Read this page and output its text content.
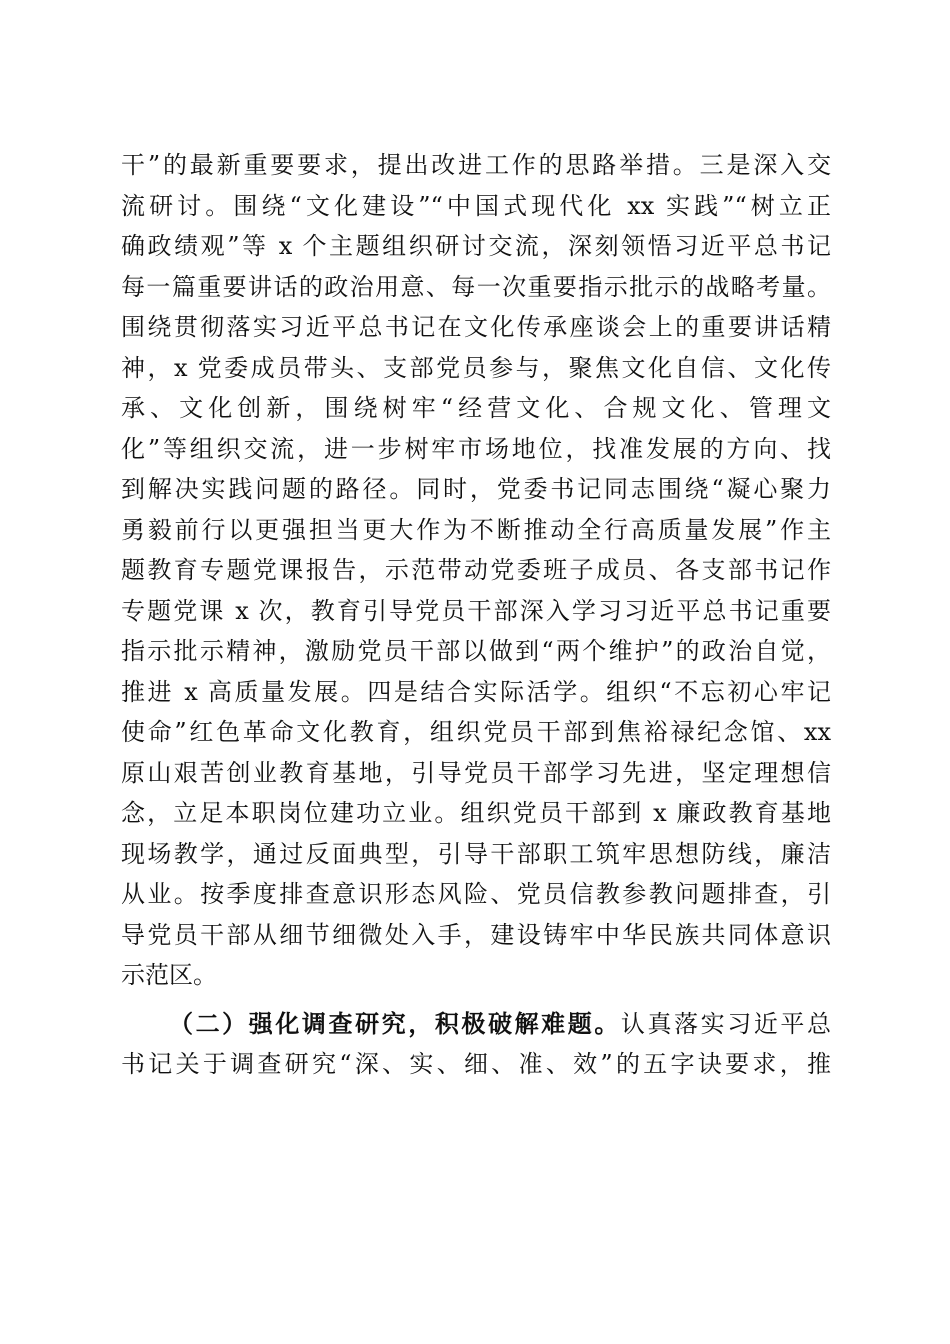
干”的最新重要要求，提出改进工作的思路举措。三是深入交
流研讨。围绕“文化建设”“中国式现代化 xx 实践”“树立正
确政绩观”等 x 个主题组织研讨交流，深刻领悟习近平总书记
每一篇重要讲话的政治用意、每一次重要指示批示的战略考量。
围绕贯彻落实习近平总书记在文化传承座谈会上的重要讲话精
神，x 党委成员带头、支部党员参与，聚焦文化自信、文化传
承、文化创新，围绕树牢“经营文化、合规文化、管理文
化”等组织交流，进一步树牢市场地位，找准发展的方向、找
到解决实践问题的路径。同时，党委书记同志围绕“凝心聚力
勇毅前行以更强担当更大作为不断推动全行高质量发展”作主
题教育专题党课报告，示范带动党委班子成员、各支部书记作
专题党课 x 次，教育引导党员干部深入学习习近平总书记重要
指示批示精神，激励党员干部以做到“两个维护”的政治自觉，
推进 x 高质量发展。四是结合实际活学。组织“不忘初心牢记
使命”红色革命文化教育，组织党员干部到焦裕禄纪念馆、xx
原山艰苦创业教育基地，引导党员干部学习先进，坚定理想信
念，立足本职岗位建功立业。组织党员干部到 x 廉政教育基地
现场教学，通过反面典型，引导干部职工筑牢思想防线，廉洁
从业。按季度排查意识形态风险、党员信教参教问题排查，引
导党员干部从细节细微处入手，建设铸牢中华民族共同体意识
示范区。
（二）强化调查研究，积极破解难题。认真落实习近平总
书记关于调查研究“深、实、细、准、效”的五字诀要求，推
